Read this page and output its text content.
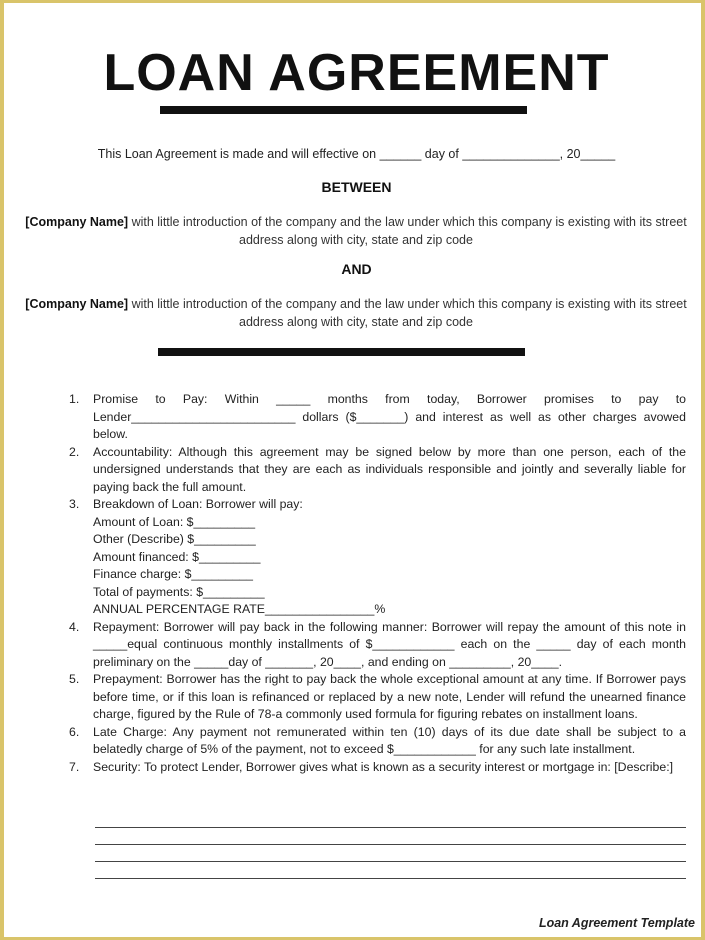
LOAN AGREEMENT
This Loan Agreement is made and will effective on ______ day of ______________, 20_____
BETWEEN
[Company Name] with little introduction of the company and the law under which this company is existing with its street address along with city, state and zip code
AND
[Company Name] with little introduction of the company and the law under which this company is existing with its street address along with city, state and zip code
1. Promise to Pay: Within _____ months from today, Borrower promises to pay to Lender________________________ dollars ($_______) and interest as well as other charges avowed below.
2. Accountability: Although this agreement may be signed below by more than one person, each of the undersigned understands that they are each as individuals responsible and jointly and severally liable for paying back the full amount.
3. Breakdown of Loan: Borrower will pay:
Amount of Loan: $_________
Other (Describe) $_________
Amount financed: $_________
Finance charge: $_________
Total of payments: $_________
ANNUAL PERCENTAGE RATE________________%
4. Repayment: Borrower will pay back in the following manner: Borrower will repay the amount of this note in _____equal continuous monthly installments of $____________ each on the _____ day of each month preliminary on the _____day of _______, 20____, and ending on _________, 20____.
5. Prepayment: Borrower has the right to pay back the whole exceptional amount at any time. If Borrower pays before time, or if this loan is refinanced or replaced by a new note, Lender will refund the unearned finance charge, figured by the Rule of 78-a commonly used formula for figuring rebates on installment loans.
6. Late Charge: Any payment not remunerated within ten (10) days of its due date shall be subject to a belatedly charge of 5% of the payment, not to exceed $____________ for any such late installment.
7. Security: To protect Lender, Borrower gives what is known as a security interest or mortgage in: [Describe:]
Loan Agreement Template
